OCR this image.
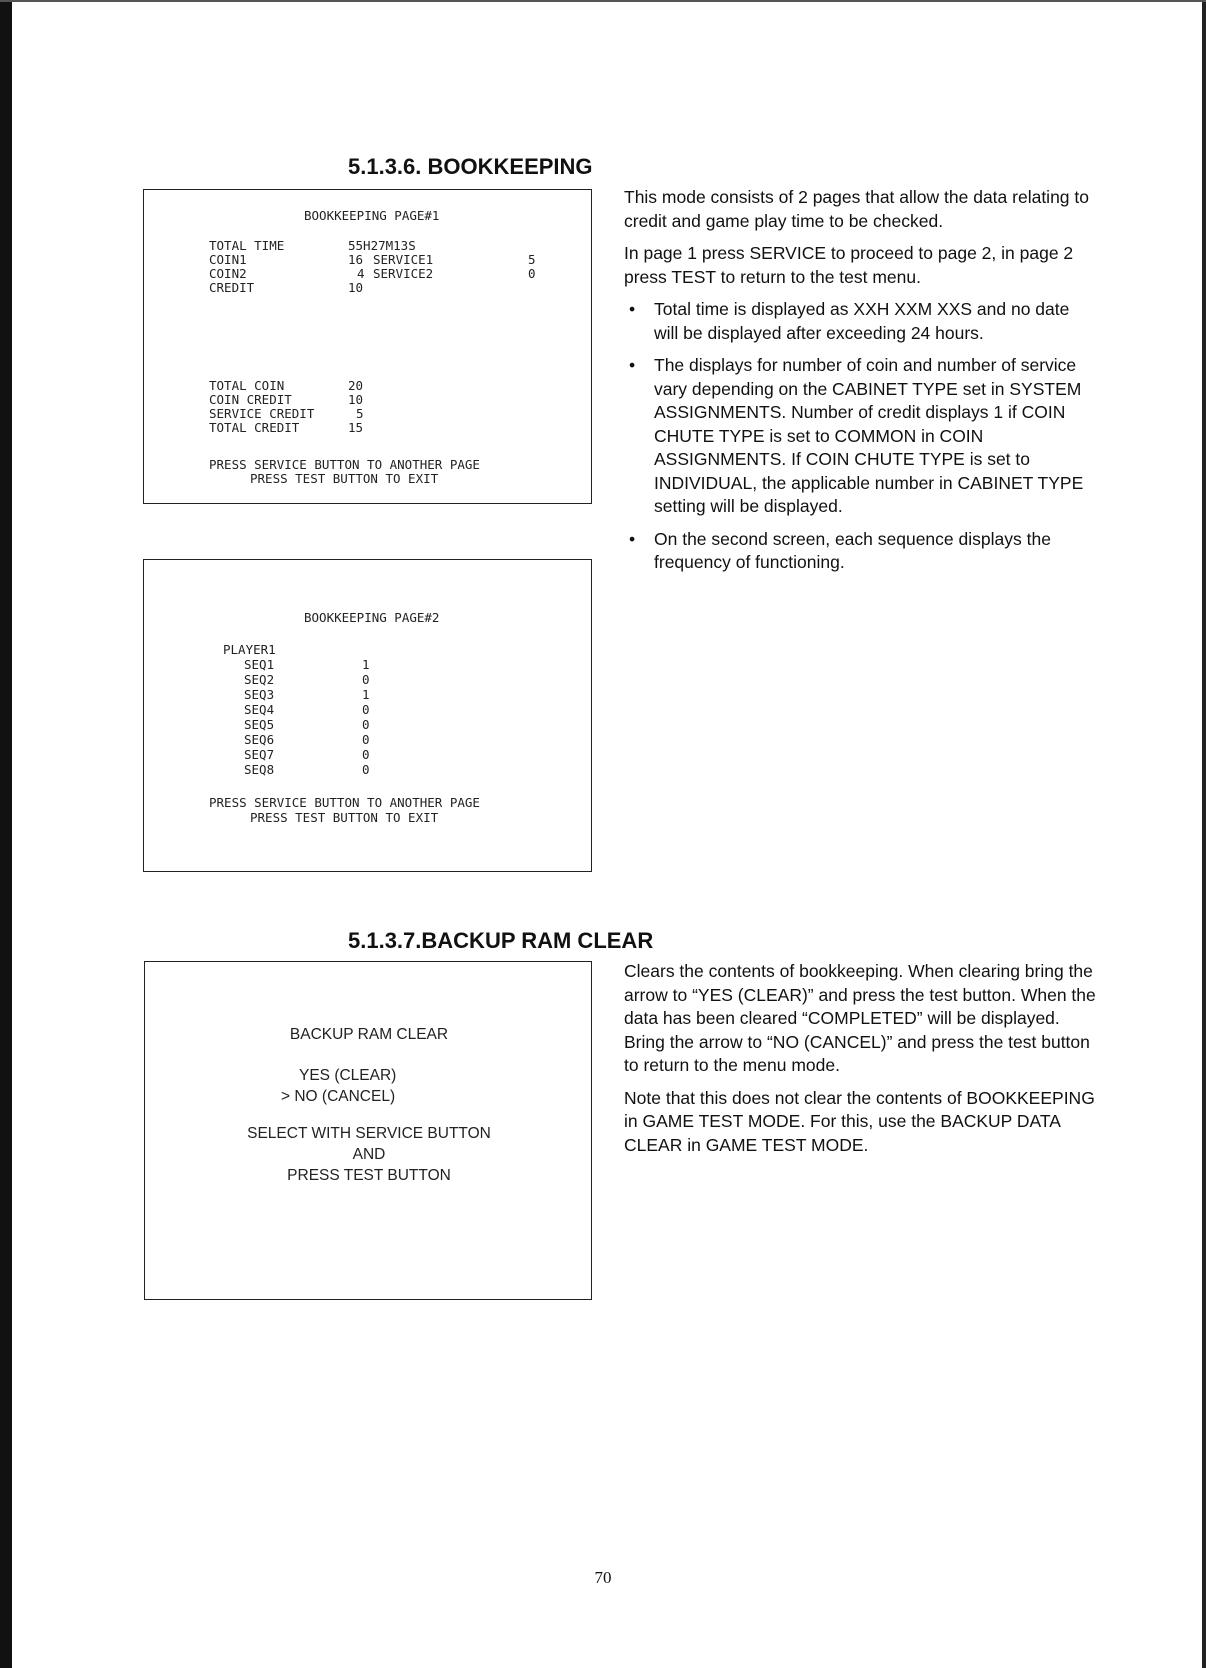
5.1.3.6. BOOKKEEPING
BOOKKEEPING PAGE#1
TOTAL TIME	55H27M13S
COIN1	16 SERVICE1	5
COIN2	4 SERVICE2	0
CREDIT	10
TOTAL COIN	20
COIN CREDIT	10
SERVICE CREDIT	5
TOTAL CREDIT	15
PRESS SERVICE BUTTON TO ANOTHER PAGE
PRESS TEST BUTTON TO EXIT
BOOKKEEPING PAGE#2
PLAYER1
SEQ1	1
SEQ2	0
SEQ3	1
SEQ4	0
SEQ5	0
SEQ6	0
SEQ7	0
SEQ8	0
PRESS SERVICE BUTTON TO ANOTHER PAGE
PRESS TEST BUTTON TO EXIT

This mode consists of 2 pages that allow the data relating to credit and game play time to be checked.

In page 1 press SERVICE to proceed to page 2, in page 2 press TEST to return to the test menu.

• Total time is displayed as XXH XXM XXS and no date will be displayed after exceeding 24 hours.
• The displays for number of coin and number of service vary depending on the CABINET TYPE set in SYSTEM ASSIGNMENTS. Number of credit displays 1 if COIN CHUTE TYPE is set to COMMON in COIN ASSIGNMENTS. If COIN CHUTE TYPE is set to INDIVIDUAL, the applicable number in CABINET TYPE setting will be displayed.
• On the second screen, each sequence displays the frequency of functioning.
5.1.3.7.BACKUP RAM CLEAR
BACKUP RAM CLEAR
YES (CLEAR)
> NO (CANCEL)
SELECT WITH SERVICE BUTTON
AND
PRESS TEST BUTTON

Clears the contents of bookkeeping. When clearing bring the arrow to “YES (CLEAR)” and press the test button. When the data has been cleared “COMPLETED” will be displayed. Bring the arrow to “NO (CANCEL)” and press the test button to return to the menu mode.

Note that this does not clear the contents of BOOKKEEPING in GAME TEST MODE. For this, use the BACKUP DATA CLEAR in GAME TEST MODE.

70
